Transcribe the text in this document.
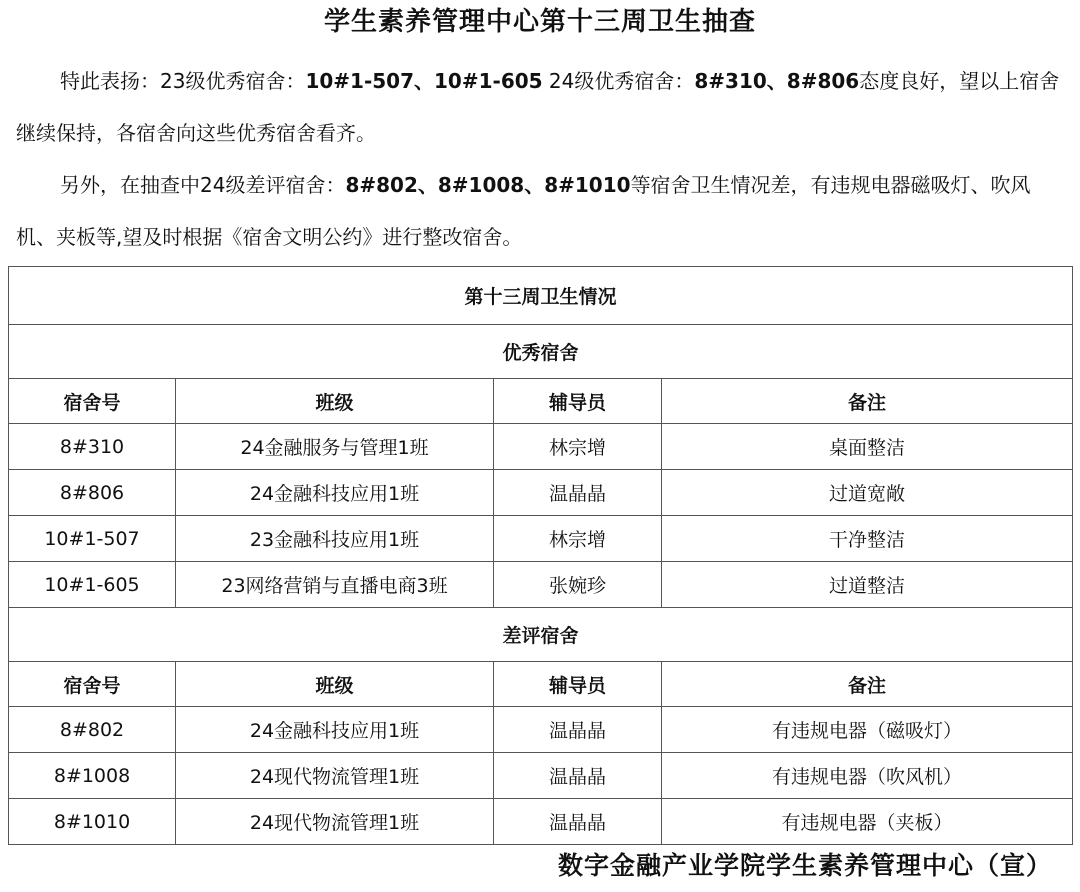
学生素养管理中心第十三周卫生抽查

特此表扬：23级优秀宿舍：10#1-507、10#1-605 24级优秀宿舍：8#310、8#806态度良好，望以上宿舍继续保持，各宿舍向这些优秀宿舍看齐。

另外，在抽查中24级差评宿舍：8#802、8#1008、8#1010等宿舍卫生情况差，有违规电器磁吸灯、吹风机、夹板等,望及时根据《宿舍文明公约》进行整改宿舍。

第十三周卫生情况			
优秀宿舍			
宿舍号	班级	辅导员	备注
8#310	24金融服务与管理1班	林宗增	桌面整洁
8#806	24金融科技应用1班	温晶晶	过道宽敞
10#1-507	23金融科技应用1班	林宗增	干净整洁
10#1-605	23网络营销与直播电商3班	张婉珍	过道整洁
差评宿舍			
宿舍号	班级	辅导员	备注
8#802	24金融科技应用1班	温晶晶	有违规电器（磁吸灯）
8#1008	24现代物流管理1班	温晶晶	有违规电器（吹风机）
8#1010	24现代物流管理1班	温晶晶	有违规电器（夹板）
数字金融产业学院学生素养管理中心（宣）
